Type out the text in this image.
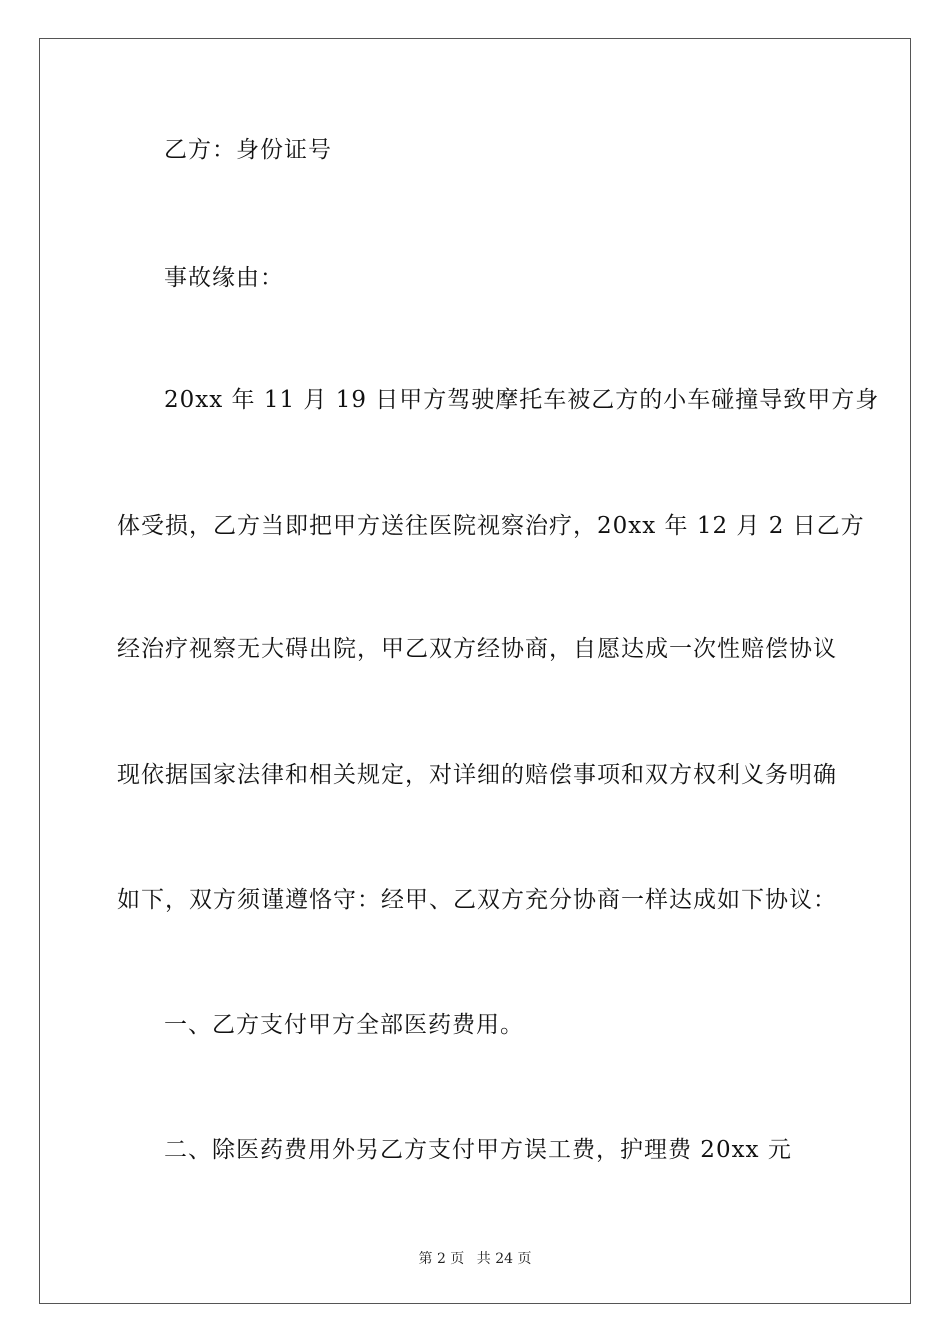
乙方：身份证号
事故缘由：
20xx 年 11 月 19 日甲方驾驶摩托车被乙方的小车碰撞导致甲方身
体受损，乙方当即把甲方送往医院视察治疗，20xx 年 12 月 2 日乙方
经治疗视察无大碍出院，甲乙双方经协商，自愿达成一次性赔偿协议
现依据国家法律和相关规定，对详细的赔偿事项和双方权利义务明确
如下，双方须谨遵恪守：经甲、乙双方充分协商一样达成如下协议：
一、乙方支付甲方全部医药费用。
二、除医药费用外另乙方支付甲方误工费，护理费 20xx 元
第 2 页 共 24 页
